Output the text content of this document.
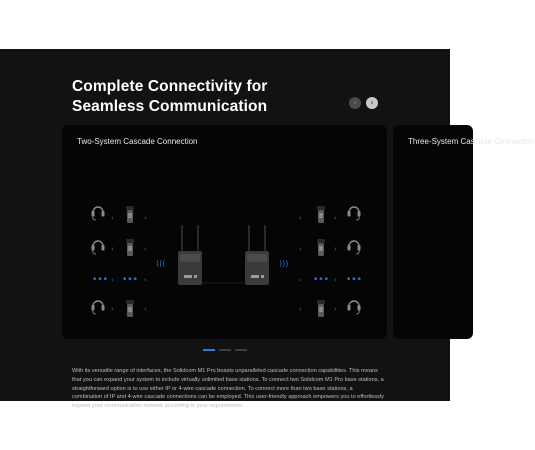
Complete Connectivity for
Seamless Communication	‹	›
Two-System Cascade Connection
•••
‹
‹
‹
‹
•••
‹
‹
‹
‹
(((	)))
›
›
›
›
•••
›
›
›
›
•••
Three-System Cascade Connection

With its versatile range of interfaces, the Solidcom M1 Pro boasts unparalleled cascade connection capabilities. This means that you can expand your system to include virtually unlimited base stations. To connect two Solidcom M1 Pro base stations, a straightforward option is to use either IP or 4-wire cascade connection. To connect more than two base stations, a combination of IP and 4-wire cascade connections can be employed. This user-friendly approach empowers you to effortlessly expand your communication network according to your requirements.
